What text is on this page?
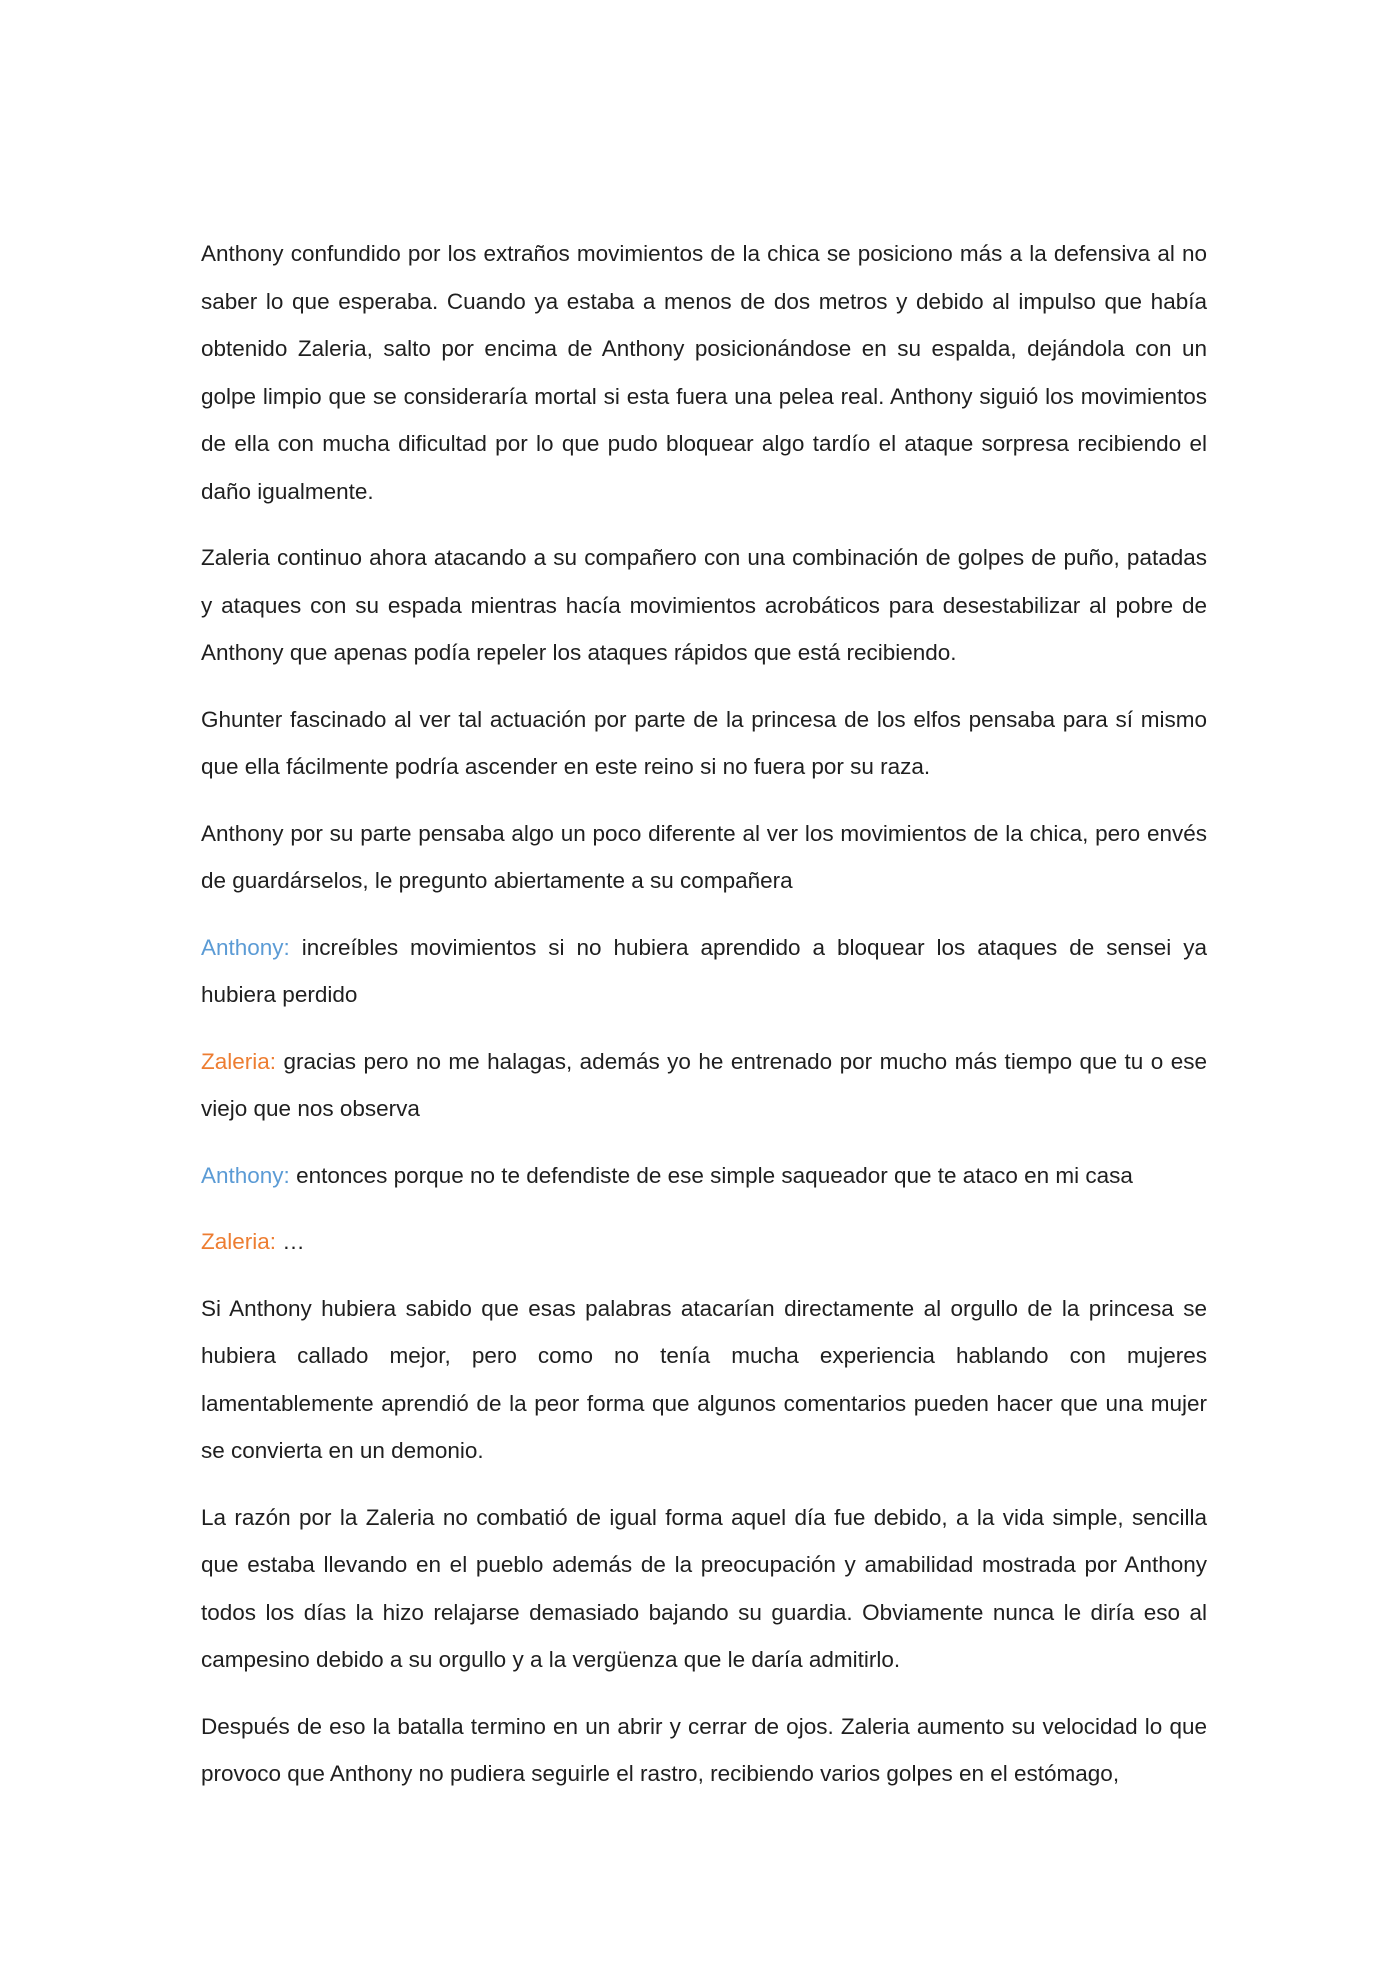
Anthony confundido por los extraños movimientos de la chica se posiciono más a la defensiva al no saber lo que esperaba. Cuando ya estaba a menos de dos metros y debido al impulso que había obtenido Zaleria, salto por encima de Anthony posicionándose en su espalda, dejándola con un golpe limpio que se consideraría mortal si esta fuera una pelea real. Anthony siguió los movimientos de ella con mucha dificultad por lo que pudo bloquear algo tardío el ataque sorpresa recibiendo el daño igualmente.

Zaleria continuo ahora atacando a su compañero con una combinación de golpes de puño, patadas y ataques con su espada mientras hacía movimientos acrobáticos para desestabilizar al pobre de Anthony que apenas podía repeler los ataques rápidos que está recibiendo.

Ghunter fascinado al ver tal actuación por parte de la princesa de los elfos pensaba para sí mismo que ella fácilmente podría ascender en este reino si no fuera por su raza.

Anthony por su parte pensaba algo un poco diferente al ver los movimientos de la chica, pero envés de guardárselos, le pregunto abiertamente a su compañera

Anthony: increíbles movimientos si no hubiera aprendido a bloquear los ataques de sensei ya hubiera perdido

Zaleria: gracias pero no me halagas, además yo he entrenado por mucho más tiempo que tu o ese viejo que nos observa

Anthony: entonces porque no te defendiste de ese simple saqueador que te ataco en mi casa

Zaleria: …

Si Anthony hubiera sabido que esas palabras atacarían directamente al orgullo de la princesa se hubiera callado mejor, pero como no tenía mucha experiencia hablando con mujeres lamentablemente aprendió de la peor forma que algunos comentarios pueden hacer que una mujer se convierta en un demonio.

La razón por la Zaleria no combatió de igual forma aquel día fue debido, a la vida simple, sencilla que estaba llevando en el pueblo además de la preocupación y amabilidad mostrada por Anthony todos los días la hizo relajarse demasiado bajando su guardia. Obviamente nunca le diría eso al campesino debido a su orgullo y a la vergüenza que le daría admitirlo.

Después de eso la batalla termino en un abrir y cerrar de ojos. Zaleria aumento su velocidad lo que provoco que Anthony no pudiera seguirle el rastro, recibiendo varios golpes en el estómago,
